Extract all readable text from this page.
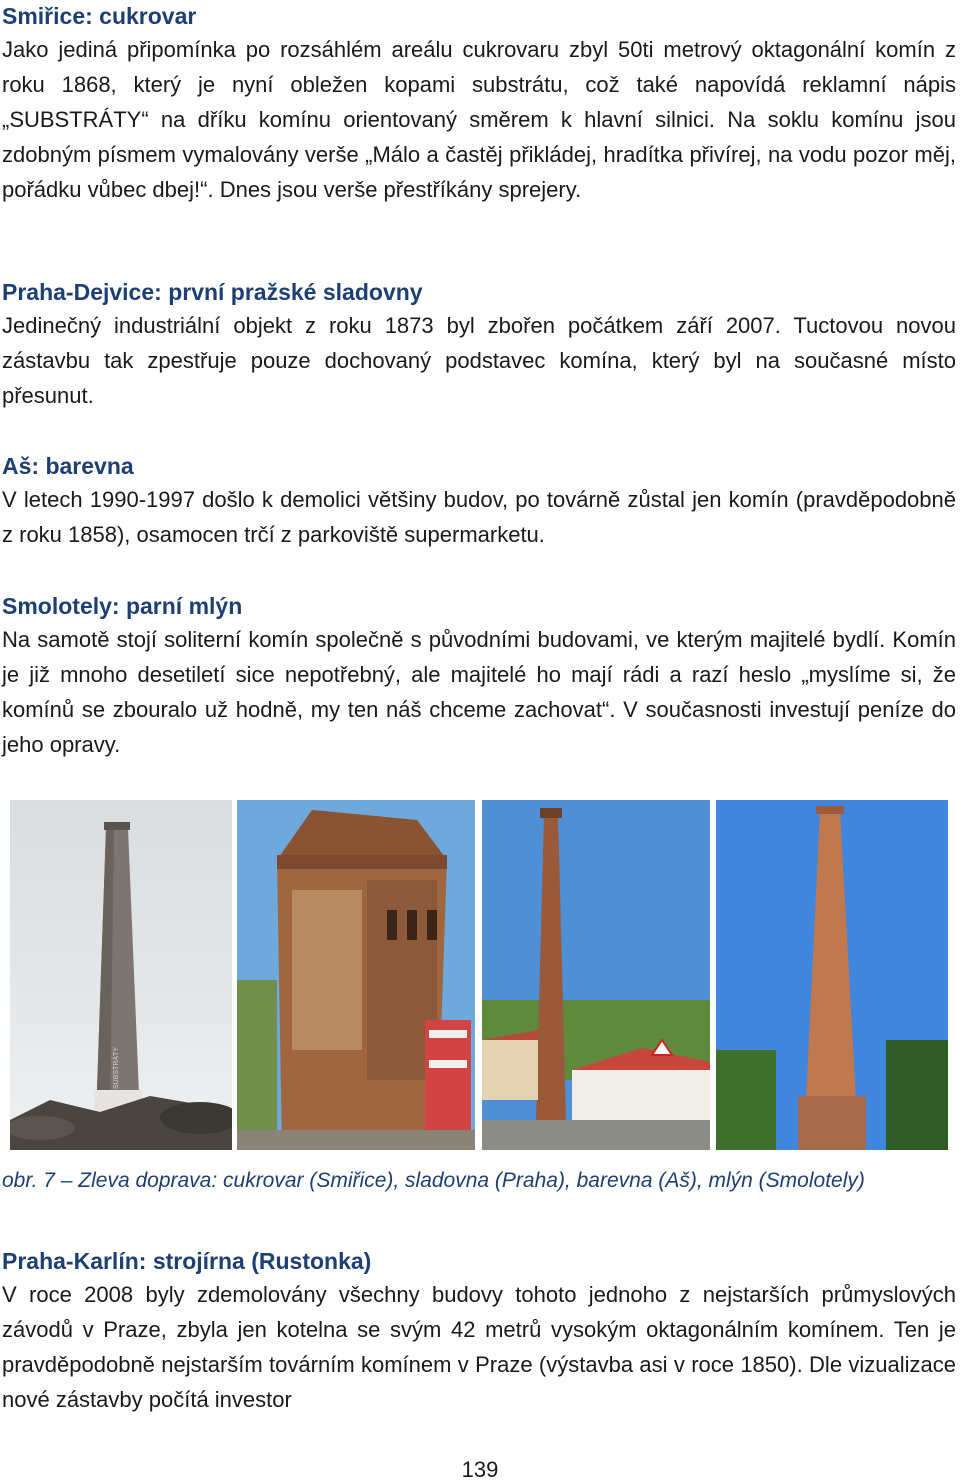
Smiřice: cukrovar

Jako jediná připomínka po rozsáhlém areálu cukrovaru zbyl 50ti metrový oktagonální komín z roku 1868, který je nyní obležen kopami substrátu, což také napovídá reklamní nápis „SUBSTRÁTY“ na dříku komínu orientovaný směrem k hlavní silnici. Na soklu komínu jsou zdobným písmem vymalovány verše „Málo a častěj přikládej, hradítka přivírej, na vodu pozor měj, pořádku vůbec dbej!“. Dnes jsou verše přestříkány sprejery.

Praha-Dejvice: první pražské sladovny

Jedinečný industriální objekt z roku 1873 byl zbořen počátkem září 2007. Tuctovou novou zástavbu tak zpestřuje pouze dochovaný podstavec komína, který byl na současné místo přesunut.

Aš: barevna

V letech 1990-1997 došlo k demolici většiny budov, po továrně zůstal jen komín (pravděpodobně z roku 1858), osamocen trčí z parkoviště supermarketu.

Smolotely: parní mlýn

Na samotě stojí soliterní komín společně s původními budovami, ve kterým majitelé bydlí. Komín je již mnoho desetiletí sice nepotřebný, ale majitelé ho mají rádi a razí heslo „myslíme si, že komínů se zbouralo už hodně, my ten náš chceme zachovat“. V současnosti investují peníze do jeho opravy.

SUBSTRÁTY
obr. 7 – Zleva doprava: cukrovar (Smiřice), sladovna (Praha), barevna (Aš), mlýn (Smolotely)
Praha-Karlín: strojírna (Rustonka)

V roce 2008 byly zdemolovány všechny budovy tohoto jednoho z nejstarších průmyslových závodů v Praze, zbyla jen kotelna se svým 42 metrů vysokým oktagonálním komínem. Ten je pravděpodobně nejstarším továrním komínem v Praze (výstavba asi v roce 1850). Dle vizualizace nové zástavby počítá investor

139
